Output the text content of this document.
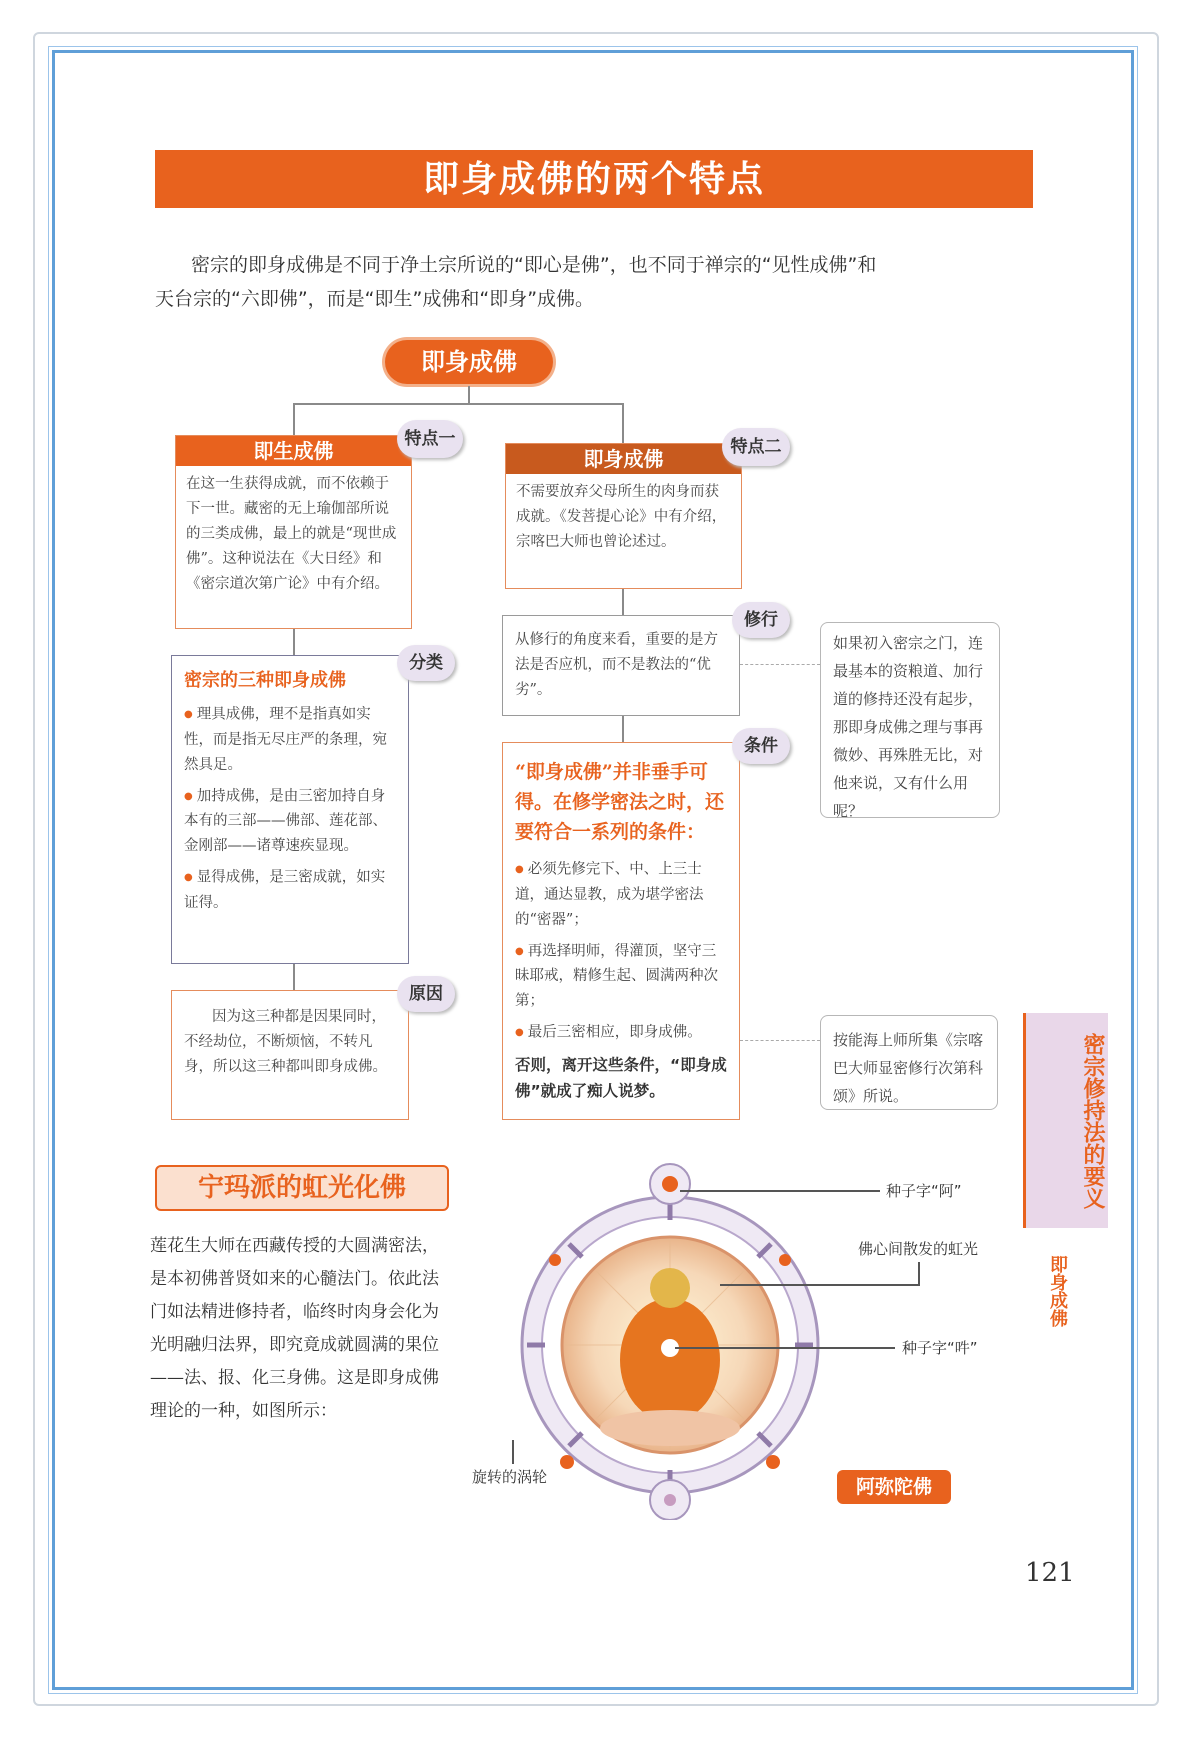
即身成佛的两个特点
密宗的即身成佛是不同于净土宗所说的“即心是佛”，也不同于禅宗的“见性成佛”和
天台宗的“六即佛”，而是“即生”成佛和“即身”成佛。
即身成佛
即生成佛
在这一生获得成就，而不依赖于下一世。藏密的无上瑜伽部所说的三类成佛，最上的就是“现世成佛”。这种说法在《大日经》和《密宗道次第广论》中有介绍。
特点一
密宗的三种即身成佛
● 理具成佛，理不是指真如实性，而是指无尽庄严的条理，宛然具足。
● 加持成佛，是由三密加持自身本有的三部——佛部、莲花部、金刚部——诸尊速疾显现。
● 显得成佛，是三密成就，如实证得。
分类
因为这三种都是因果同时，不经劫位，不断烦恼，不转凡身，所以这三种都叫即身成佛。
原因
即身成佛
不需要放弃父母所生的肉身而获成就。《发菩提心论》中有介绍，宗喀巴大师也曾论述过。
特点二
从修行的角度来看，重要的是方法是否应机，而不是教法的“优劣”。
修行
如果初入密宗之门，连最基本的资粮道、加行道的修持还没有起步，那即身成佛之理与事再微妙、再殊胜无比，对他来说，又有什么用呢？
“即身成佛”并非垂手可得。在修学密法之时，还要符合一系列的条件：
● 必须先修完下、中、上三士道，通达显教，成为堪学密法的“密器”；
● 再选择明师，得灌顶，坚守三昧耶戒，精修生起、圆满两种次第；
● 最后三密相应，即身成佛。
否则，离开这些条件，“即身成佛”就成了痴人说梦。
条件
按能海上师所集《宗喀巴大师显密修行次第科颂》所说。	密宗修持法的要义
即身成佛
宁玛派的虹光化佛
莲花生大师在西藏传授的大圆满密法，是本初佛普贤如来的心髓法门。依此法门如法精进修持者，临终时肉身会化为光明融归法界，即究竟成就圆满的果位——法、报、化三身佛。这是即身成佛理论的一种，如图所示：
种子字“阿”
佛心间散发的虹光
种子字“吽”
旋转的涡轮	阿弥陀佛
121
